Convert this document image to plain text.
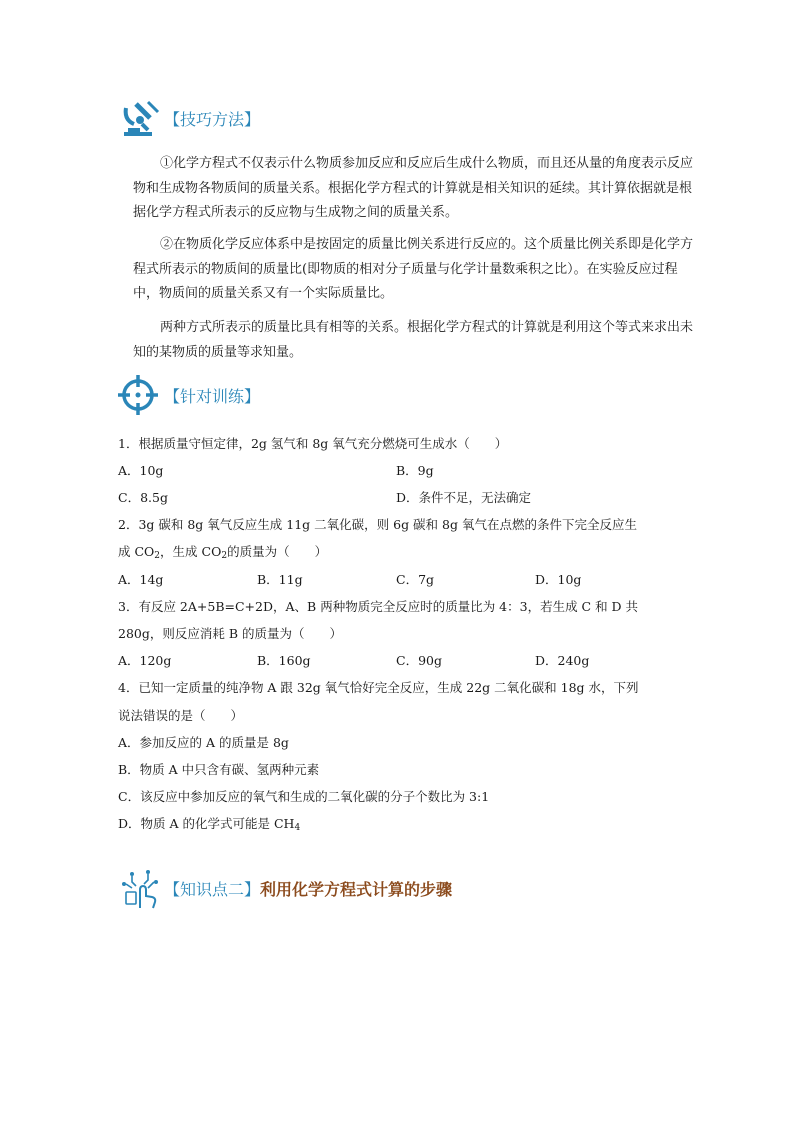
【技巧方法】

①化学方程式不仅表示什么物质参加反应和反应后生成什么物质，而且还从量的角度表示反应物和生成物各物质间的质量关系。根据化学方程式的计算就是相关知识的延续。其计算依据就是根据化学方程式所表示的反应物与生成物之间的质量关系。

②在物质化学反应体系中是按固定的质量比例关系进行反应的。这个质量比例关系即是化学方程式所表示的物质间的质量比(即物质的相对分子质量与化学计量数乘积之比）。在实验反应过程中，物质间的质量关系又有一个实际质量比。

两种方式所表示的质量比具有相等的关系。根据化学方程式的计算就是利用这个等式来求出未知的某物质的质量等求知量。

【针对训练】
1．根据质量守恒定律，2g 氢气和 8g 氧气充分燃烧可生成水（　　）
A．10g	B．9g
C．8.5g	D．条件不足，无法确定
2．3g 碳和 8g 氧气反应生成 11g 二氧化碳，则 6g 碳和 8g 氧气在点燃的条件下完全反应生
成 $CO_2$，生成 $CO_2$的质量为（　　）
A．14g	B．11g	C．7g	D．10g
3．有反应 2A+5B=C+2D，A、B 两种物质完全反应时的质量比为 4：3，若生成 C 和 D 共
280g，则反应消耗 B 的质量为（　　）
A．120g	B．160g	C．90g	D．240g
4．已知一定质量的纯净物 A 跟 32g 氧气恰好完全反应，生成 22g 二氧化碳和 18g 水，下列
说法错误的是（　　）
A．参加反应的 A 的质量是 8g
B．物质 A 中只含有碳、氢两种元素
C．该反应中参加反应的氧气和生成的二氧化碳的分子个数比为 3:1
D．物质 A 的化学式可能是 $CH_4$
【知识点二】 利用化学方程式计算的步骤
